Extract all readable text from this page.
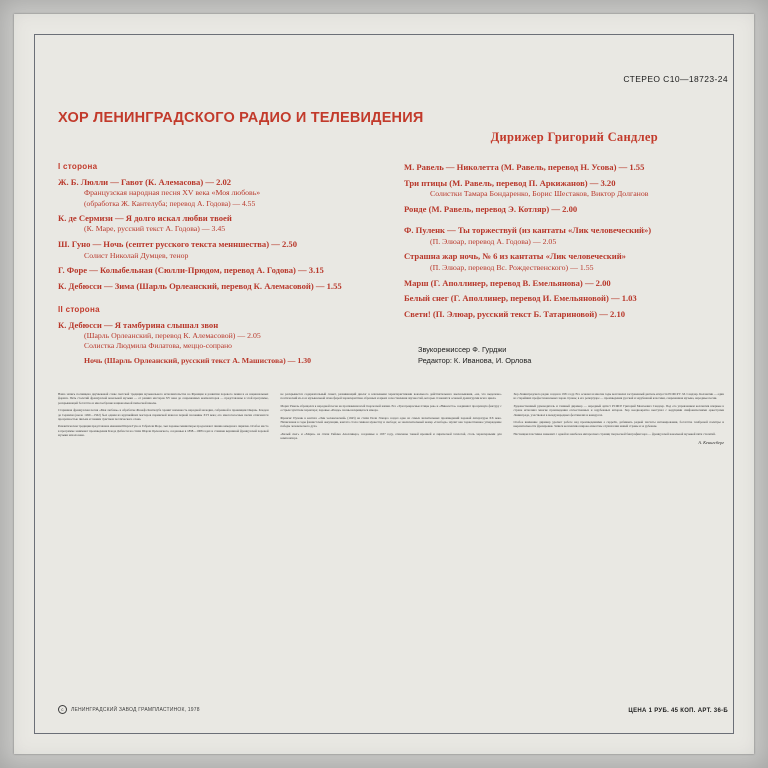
СТЕРЕО С10—18723-24
ХОР ЛЕНИНГРАДСКОГО РАДИО И ТЕЛЕВИДЕНИЯ
Дирижер Григорий Сандлер
I сторона
Ж. Б. Люлли — Гавот (К. Алемасова) — 2.02
Французская народная песня XV века «Моя любовь»
(обработка Ж. Кантелуба; перевод А. Годова) — 4.55
К. де Сермизи — Я долго искал любви твоей
(К. Маре, русский текст А. Годова) — 3.45
Ш. Гуно — Ночь (септет русского текста менншества) — 2.50
Солист Николай Думцев, тенор
Г. Форе — Колыбельная (Сюлли-Прюдом, перевод А. Годова) — 3.15
К. Дебюсси — Зима (Шарль Орлеанский, перевод К. Алемасовой) — 1.55
II сторона
К. Дебюсси — Я тамбурина слышал звон
(Шарль Орлеанский, перевод К. Алемасовой) — 2.05
Солистка Людмила Филатова, меццо-сопрано
Ночь (Шарль Орлеанский, русский текст А. Машистова) — 1.30
М. Равель — Николетта (М. Равель, перевод Н. Усова) — 1.55
Три птицы (М. Равель, перевод П. Аркижанов) — 3.20
Солистки Тамара Бондаренко, Борис Шестаков, Виктор Долганов
Ронде (М. Равель, перевод Э. Котляр) — 2.00
Ф. Пуленк — Ты торжествуй (из кантаты «Лик человеческий»)
(П. Элюар, перевод А. Годова) — 2.05
Страшна жар ночь, № 6 из кантаты «Лик человеческий»
(П. Элюар, перевод Вс. Рождественского) — 1.55
Марш (Г. Аполлинер, перевод В. Емельянова) — 2.00
Белый снег (Г. Аполлинер, перевод И. Емельяновой) — 1.03
Свети! (П. Элюар, русский текст Б. Татариновой) — 2.10
Звукорежиссер Ф. Гурджи
Редактор: К. Иванова, И. Орлова

Наша запись посвящена двухвековой славе светской традиции музыкального исполнительства во Франции и развитии хорового пения в ее национальных формах. Пять столетий французской вокальной музыки — от ранних мастеров XV века до современных композиторов — представлены в этой программе, раскрывающей богатство и многообразие национальной певческой школы.

Старинная французская песня «Моя любовь» в обработке Жозефа Кантелуба хранит напевность народной мелодии, собранной в провинции Овернь. Клоден де Сермизи (около 1490—1562) был одним из крупнейших мастеров парижской шансон первой половины XVI века; его многоголосные песни отличаются прозрачностью письма и тонким чувством поэтического слова.

Романтическая традиция представлена именами Шарля Гуно и Габриэля Форе, чьи хоровые миниатюры продолжают линию камерного лиризма. Особое место в программе занимают произведения Клода Дебюсси на стихи Шарля Орлеанского, созданные в 1898—1908 годах и ставшие вершиной французской хоровой музыки начала века.

не раскрывается содержательный сюжет, развивающий диалог в ключевыми характеристиками вокального действительного высказывания, «на, что выделено» поэтический из-за и музыкальной атмосферой характеристика образных и ярких сопоставления звучностей, которые становятся основой драматургии всего цикла.

Морис Равель обращался к народной песне на протяжении всей творческой жизни. Его «Три прекрасные птицы рая» и «Николетта» соединяют прозрачную фактуру с острым чувством характера; хоровые «Ронде» полны искрящегося юмора.

Франсис Пуленк в кантате «Лик человеческий» (1943) на стихи Поля Элюара создал одно из самых значительных произведений хоровой литературы XX века. Написанная в годы фашистской оккупации, кантата стала гимном мужеству и свободе; ее заключительный номер «Свобода» звучит как торжественное утверждение победы человеческого духа.

«Белый снег» и «Марш» на стихи Гийома Аполлинера, созданные в 1937 году, отмечены тонкой иронией и лирической теплотой, столь характерными для композитора.

Хор Ленинградского радио создан в 1931 году. Его основал и многие годы возглавлял заслуженный деятель искусств РСФСР Г. М. Сандлер. Коллектив — один из старейших профессиональных хоров страны; в его репертуаре — произведения русской и зарубежной классики, современная музыка, народные песни.

Художественный руководитель и главный дирижер — народный артист РСФСР Григорий Моисеевич Сандлер. Под его управлением коллектив впервые в стране исполнил многие произведения отечественных и зарубежных авторов. Хор неоднократно выступал с ведущими симфоническими оркестрами Ленинграда, участвовал в международных фестивалях и конкурсах.

Особое внимание дирижер уделяет работе над произведениями a cappella, добиваясь редкой чистоты интонирования, богатства тембровой палитры и выразительности фразировки. Записи коллектива широко известны слушателям нашей страны и за рубежом.

Настоящая пластинка знакомит с одной из наиболее интересных страниц творческой биографии хора — французской вокальной музыкой пяти столетий.

А. Кенигсберг
c	ЛЕНИНГРАДСКИЙ ЗАВОД ГРАМПЛАСТИНОК, 1978	ЦЕНА 1 РУБ. 45 КОП. АРТ. 36-Б
